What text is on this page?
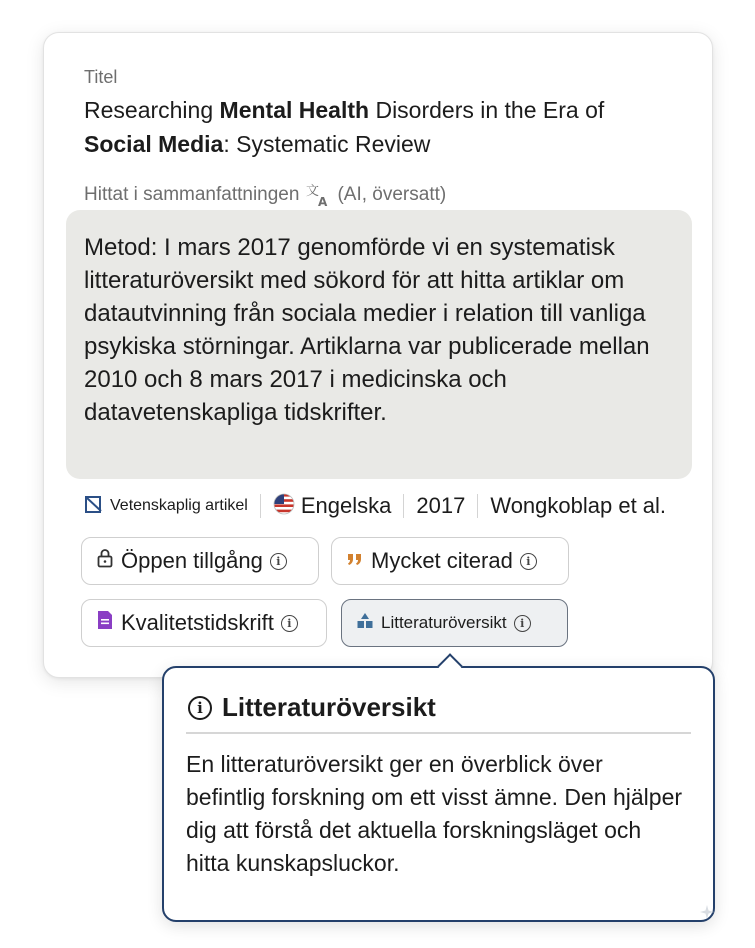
Titel
Researching Mental Health Disorders in the Era of
Social Media: Systematic Review
Hittat i sammanfattningen 文
A (AI, översatt)
Metod: I mars 2017 genomförde vi en systematisk litteraturöversikt med sökord för att hitta artiklar om datautvinning från sociala medier i relation till vanliga psykiska störningar. Artiklarna var publicerade mellan 2010 och 8 mars 2017 i medicinska och datavetenskapliga tidskrifter.
Vetenskaplig artikel Engelska 2017 Wongkoblap et al.
Öppen tillgång	i	Mycket citerad	i
Kvalitetstidskrift	i	Litteraturöversikt	i
i Litteraturöversikt
En litteraturöversikt ger en överblick över befintlig forskning om ett visst ämne. Den hjälper dig att förstå det aktuella forskningsläget och hitta kunskapsluckor.
